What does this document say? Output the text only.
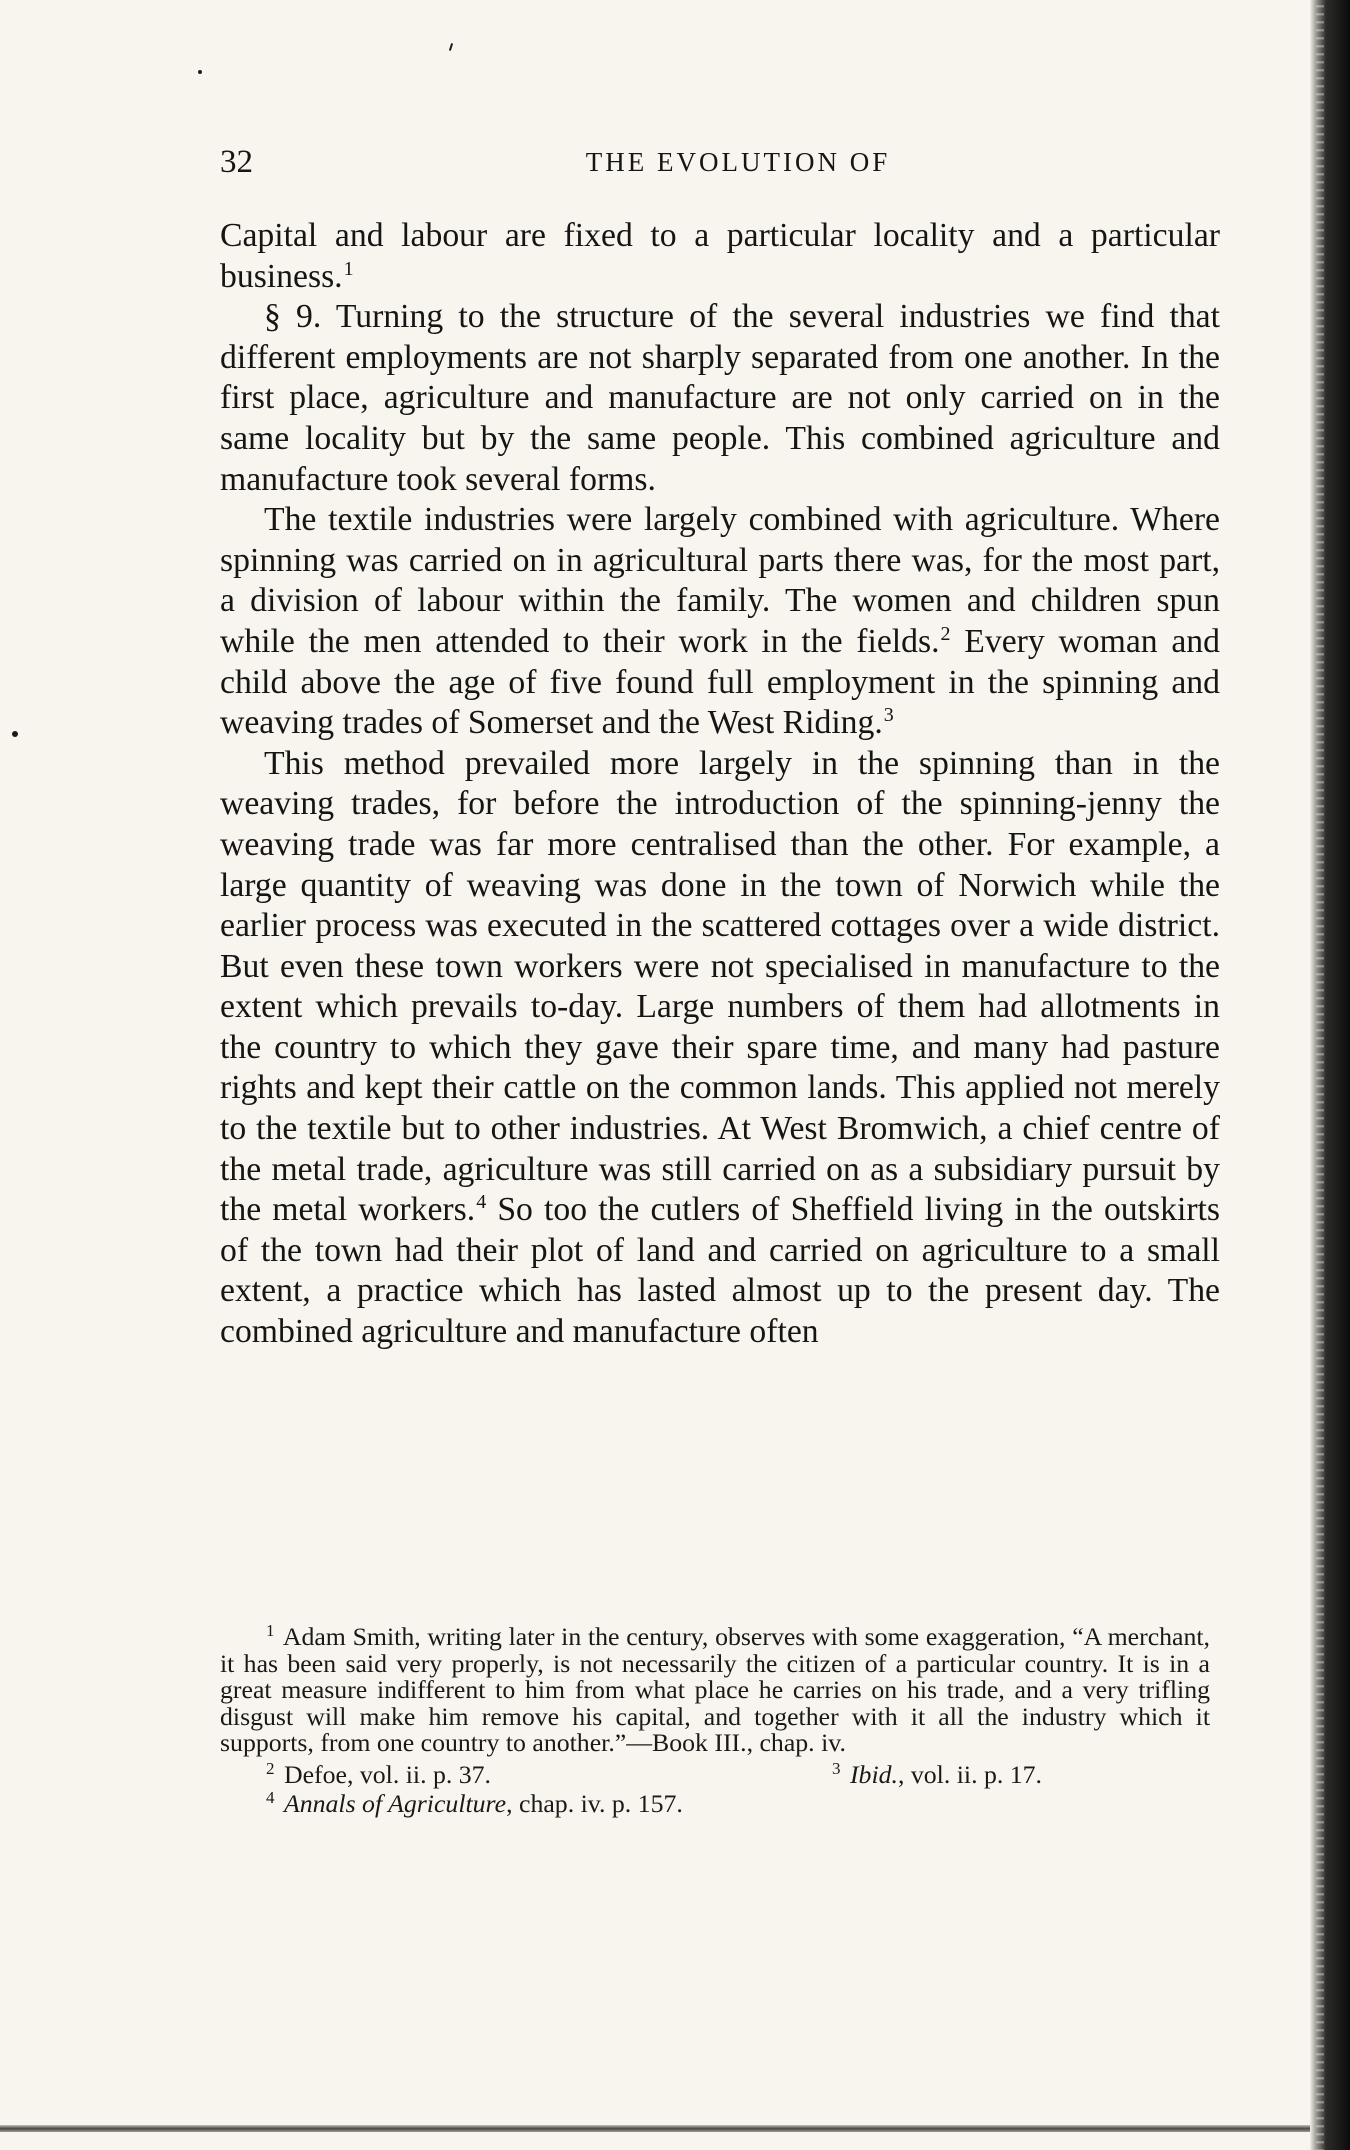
32	THE EVOLUTION OF

Capital and labour are fixed to a particular locality and a particular business.$^1$

§ 9. Turning to the structure of the several industries we find that different employments are not sharply separated from one another. In the first place, agriculture and manufacture are not only carried on in the same locality but by the same people. This combined agriculture and manufacture took several forms.

The textile industries were largely combined with agriculture. Where spinning was carried on in agricultural parts there was, for the most part, a division of labour within the family. The women and children spun while the men attended to their work in the fields.$^2$ Every woman and child above the age of five found full employment in the spinning and weaving trades of Somerset and the West Riding.$^3$

This method prevailed more largely in the spinning than in the weaving trades, for before the introduction of the spinning-jenny the weaving trade was far more centralised than the other. For example, a large quantity of weaving was done in the town of Norwich while the earlier process was executed in the scattered cottages over a wide district. But even these town workers were not specialised in manufacture to the extent which prevails to-day. Large numbers of them had allotments in the country to which they gave their spare time, and many had pasture rights and kept their cattle on the common lands. This applied not merely to the textile but to other industries. At West Bromwich, a chief centre of the metal trade, agriculture was still carried on as a subsidiary pursuit by the metal workers.$^4$ So too the cutlers of Sheffield living in the outskirts of the town had their plot of land and carried on agriculture to a small extent, a practice which has lasted almost up to the present day. The combined agriculture and manufacture often

$^1$ Adam Smith, writing later in the century, observes with some exaggeration, “A merchant, it has been said very properly, is not necessarily the citizen of a particular country. It is in a great measure indifferent to him from what place he carries on his trade, and a very trifling disgust will make him remove his capital, and together with it all the industry which it supports, from one country to another.”—Book III., chap. iv.

$^2$ Defoe, vol. ii. p. 37.	$^3$ Ibid., vol. ii. p. 17.

$^4$ Annals of Agriculture, chap. iv. p. 157.
